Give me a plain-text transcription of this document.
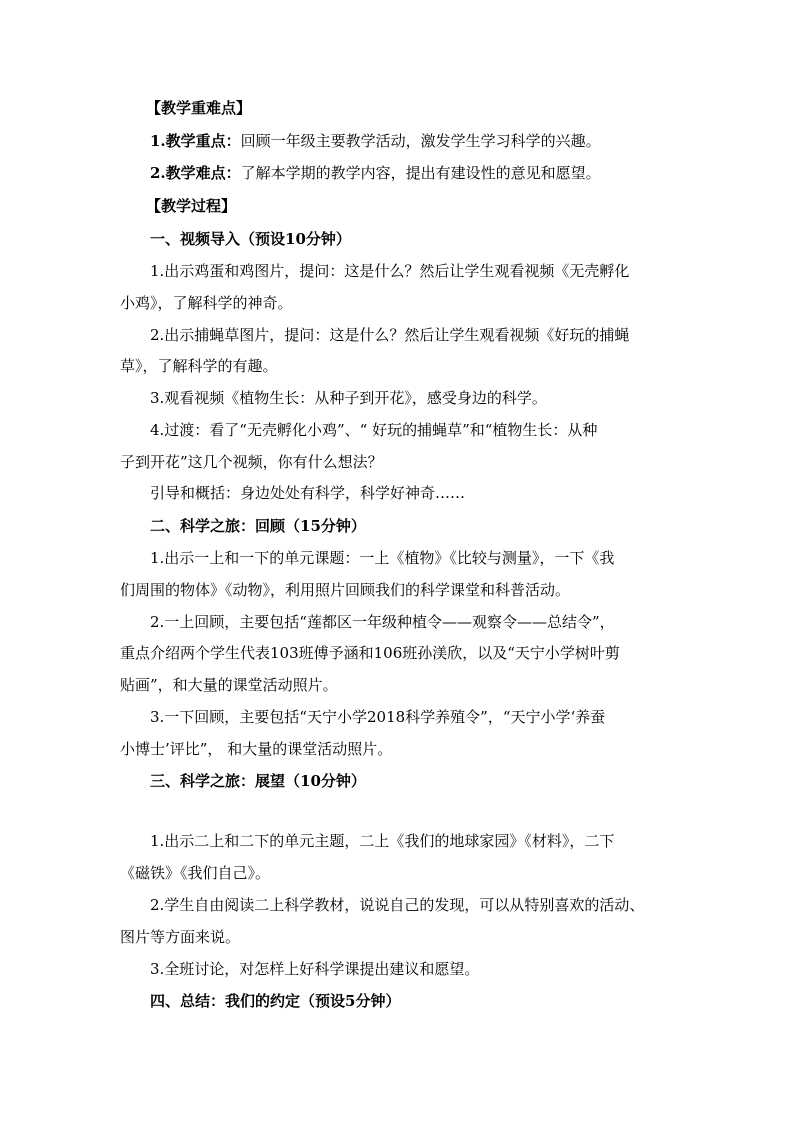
【教学重难点】
1.教学重点：回顾一年级主要教学活动，激发学生学习科学的兴趣。
2.教学难点：了解本学期的教学内容，提出有建设性的意见和愿望。
【教学过程】
一、视频导入（预设10分钟）
1.出示鸡蛋和鸡图片，提问：这是什么？然后让学生观看视频《无壳孵化
小鸡》，了解科学的神奇。
2.出示捕蝇草图片，提问：这是什么？然后让学生观看视频《好玩的捕蝇
草》，了解科学的有趣。
3.观看视频《植物生长：从种子到开花》，感受身边的科学。
4.过渡：看了“无壳孵化小鸡”、“ 好玩的捕蝇草”和“植物生长：从种
子到开花”这几个视频，你有什么想法？
引导和概括：身边处处有科学，科学好神奇……
二、科学之旅：回顾（15分钟）
1.出示一上和一下的单元课题：一上《植物》《比较与测量》，一下《我
们周围的物体》《动物》，利用照片回顾我们的科学课堂和科普活动。
2.一上回顾，主要包括“莲都区一年级种植令——观察令——总结令”，
重点介绍两个学生代表103班傅予涵和106班孙渼欣，以及“天宁小学树叶剪
贴画”，和大量的课堂活动照片。
3.一下回顾，主要包括“天宁小学2018科学养殖令”，“天宁小学‘养蚕
小博士’评比”， 和大量的课堂活动照片。
三、科学之旅：展望（10分钟）
1.出示二上和二下的单元主题，二上《我们的地球家园》《材料》，二下
《磁铁》《我们自己》。
2.学生自由阅读二上科学教材，说说自己的发现，可以从特别喜欢的活动、
图片等方面来说。
3.全班讨论，对怎样上好科学课提出建议和愿望。
四、总结：我们的约定（预设5分钟）
